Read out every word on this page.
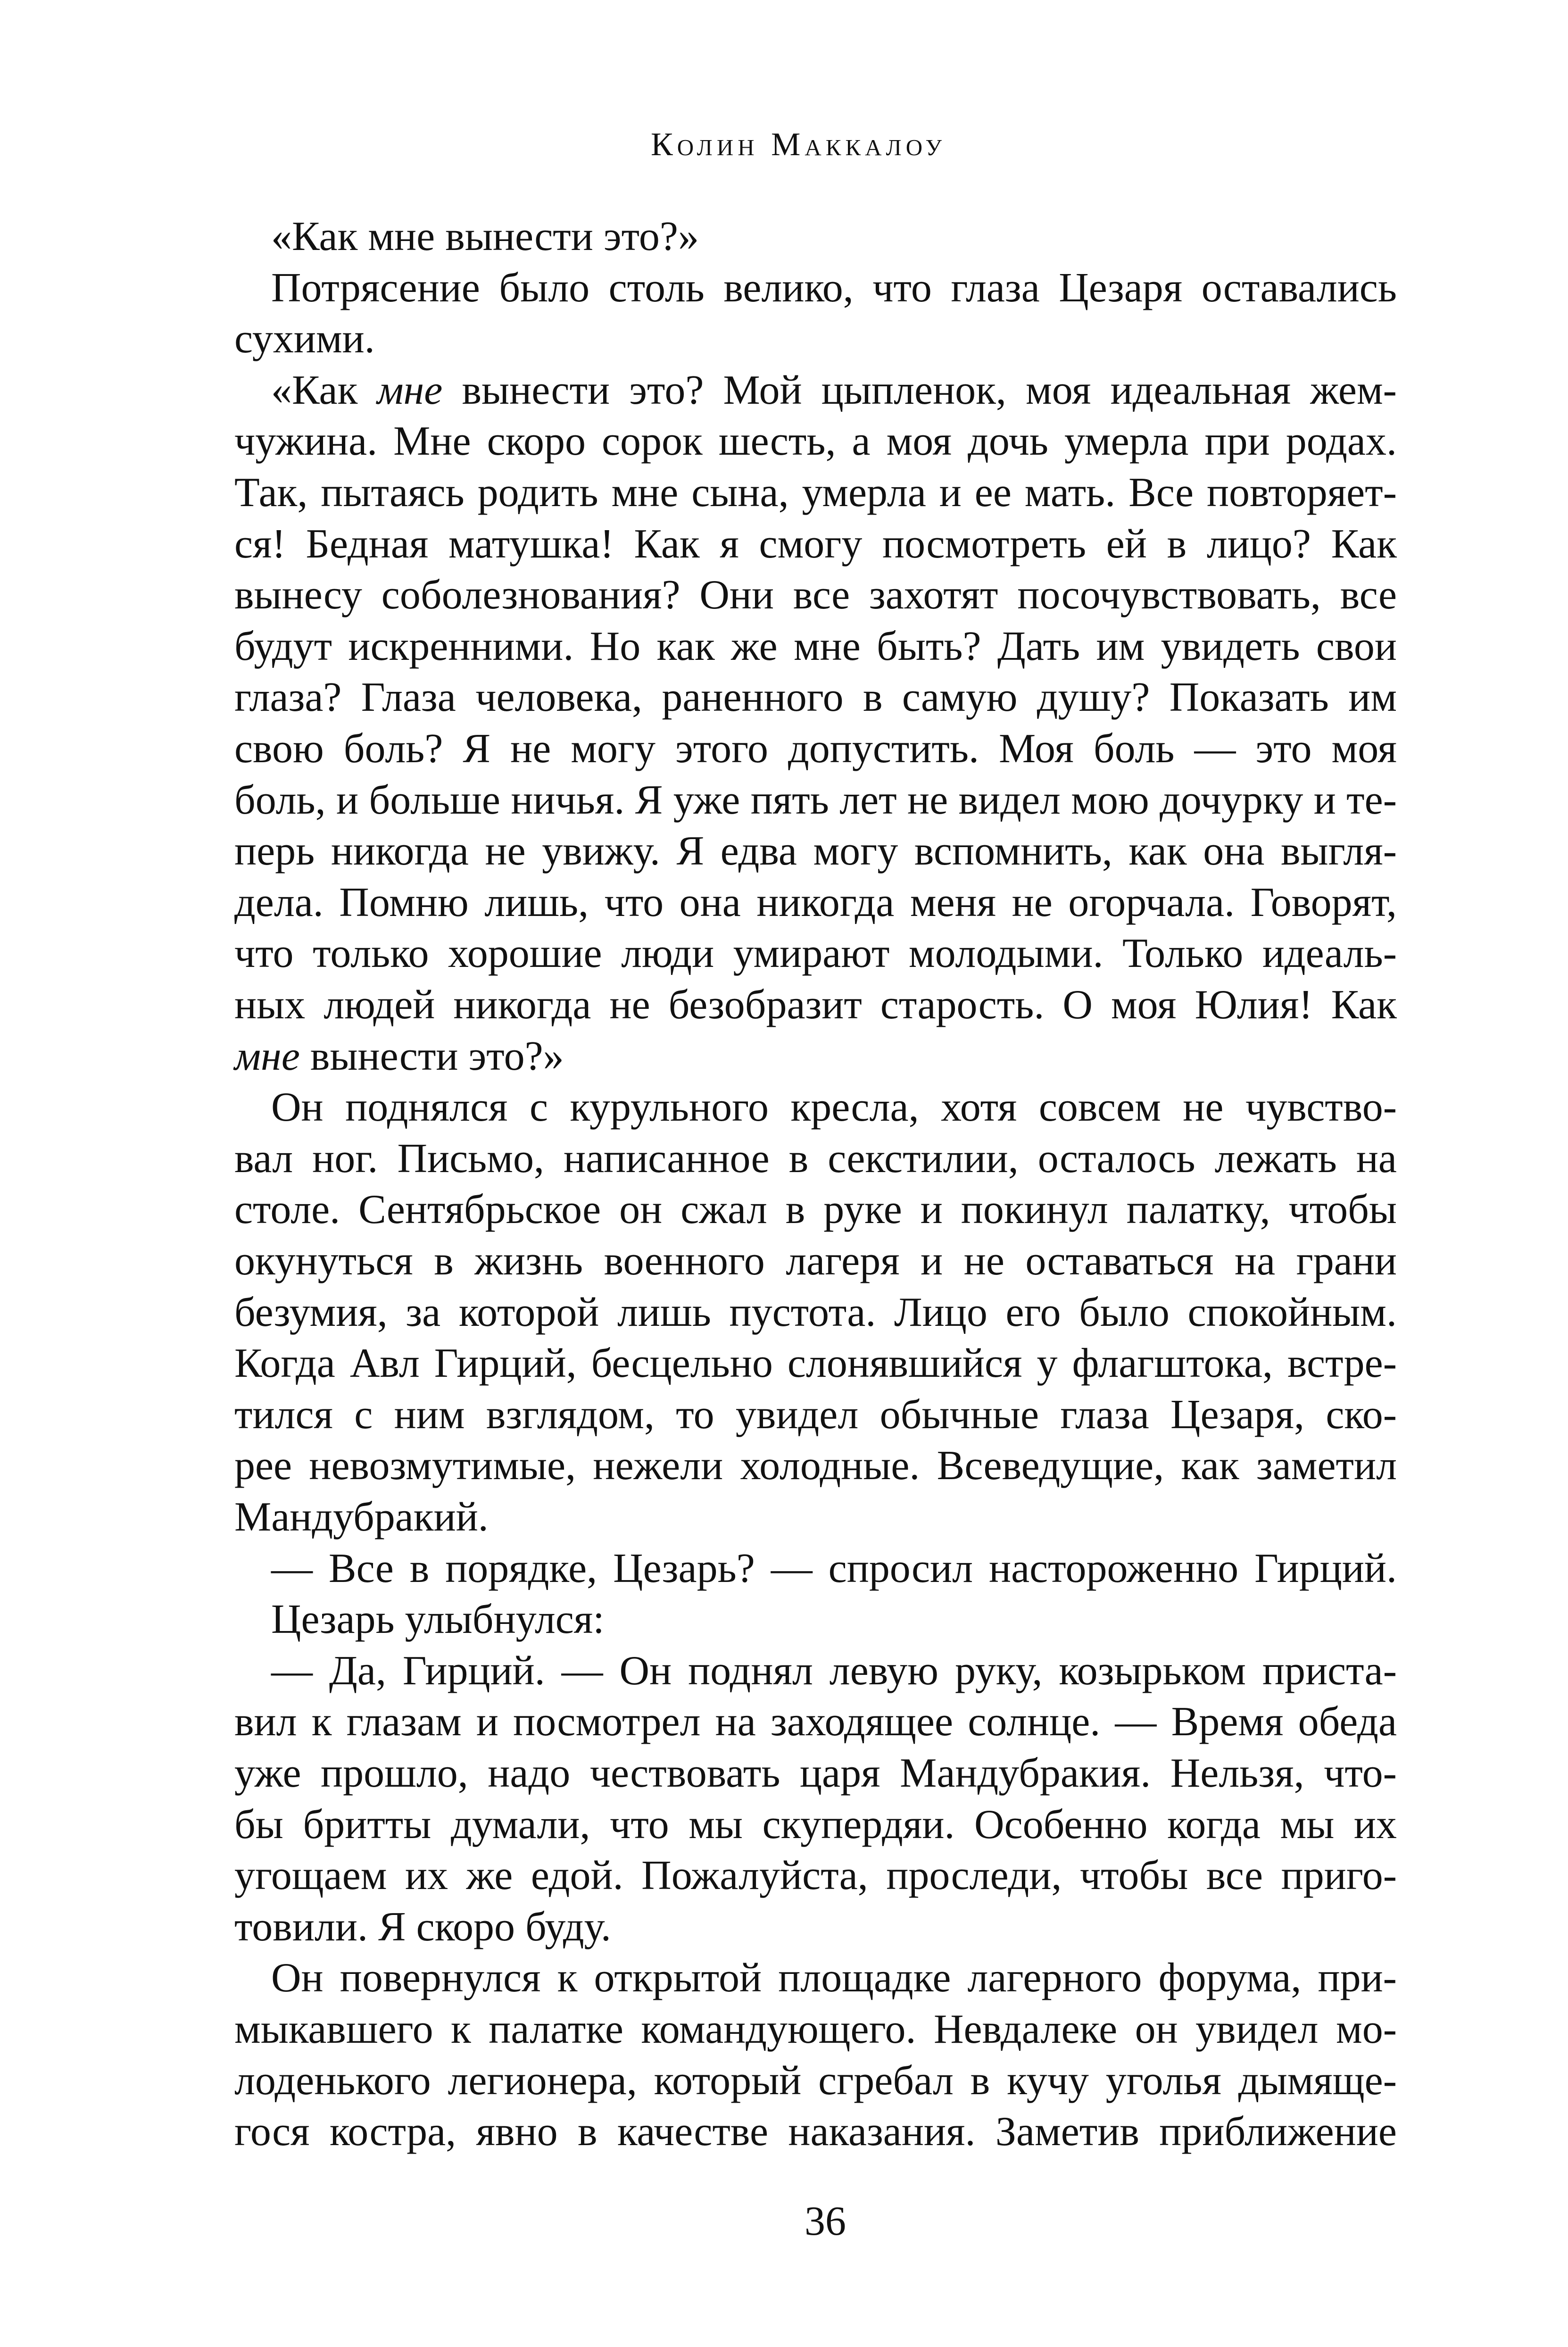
Колин Маккалоу
«Как мне вынести это?»
Потрясение было столь велико, что глаза Цезаря оставались
сухими.
«Как мне вынести это? Мой цыпленок, моя идеальная жем-
чужина. Мне скоро сорок шесть, а моя дочь умерла при родах.
Так, пытаясь родить мне сына, умерла и ее мать. Все повторяет-
ся! Бедная матушка! Как я смогу посмотреть ей в лицо? Как
вынесу соболезнования? Они все захотят посочувствовать, все
будут искренними. Но как же мне быть? Дать им увидеть свои
глаза? Глаза человека, раненного в самую душу? Показать им
свою боль? Я не могу этого допустить. Моя боль — это моя
боль, и больше ничья. Я уже пять лет не видел мою дочурку и те-
перь никогда не увижу. Я едва могу вспомнить, как она выгля-
дела. Помню лишь, что она никогда меня не огорчала. Говорят,
что только хорошие люди умирают молодыми. Только идеаль-
ных людей никогда не безобразит старость. О моя Юлия! Как
мне вынести это?»
Он поднялся с курульного кресла, хотя совсем не чувство-
вал ног. Письмо, написанное в секстилии, осталось лежать на
столе. Сентябрьское он сжал в руке и покинул палатку, чтобы
окунуться в жизнь военного лагеря и не оставаться на грани
безумия, за которой лишь пустота. Лицо его было спокойным.
Когда Авл Гирций, бесцельно слонявшийся у флагштока, встре-
тился с ним взглядом, то увидел обычные глаза Цезаря, ско-
рее невозмутимые, нежели холодные. Всеведущие, как заметил
Мандубракий.
— Все в порядке, Цезарь? — спросил настороженно Гирций.
Цезарь улыбнулся:
— Да, Гирций. — Он поднял левую руку, козырьком приста-
вил к глазам и посмотрел на заходящее солнце. — Время обеда
уже прошло, надо чествовать царя Мандубракия. Нельзя, что-
бы бритты думали, что мы скупердяи. Особенно когда мы их
угощаем их же едой. Пожалуйста, проследи, чтобы все приго-
товили. Я скоро буду.
Он повернулся к открытой площадке лагерного форума, при-
мыкавшего к палатке командующего. Невдалеке он увидел мо-
лоденького легионера, который сгребал в кучу уголья дымяще-
гося костра, явно в качестве наказания. Заметив приближение
36
